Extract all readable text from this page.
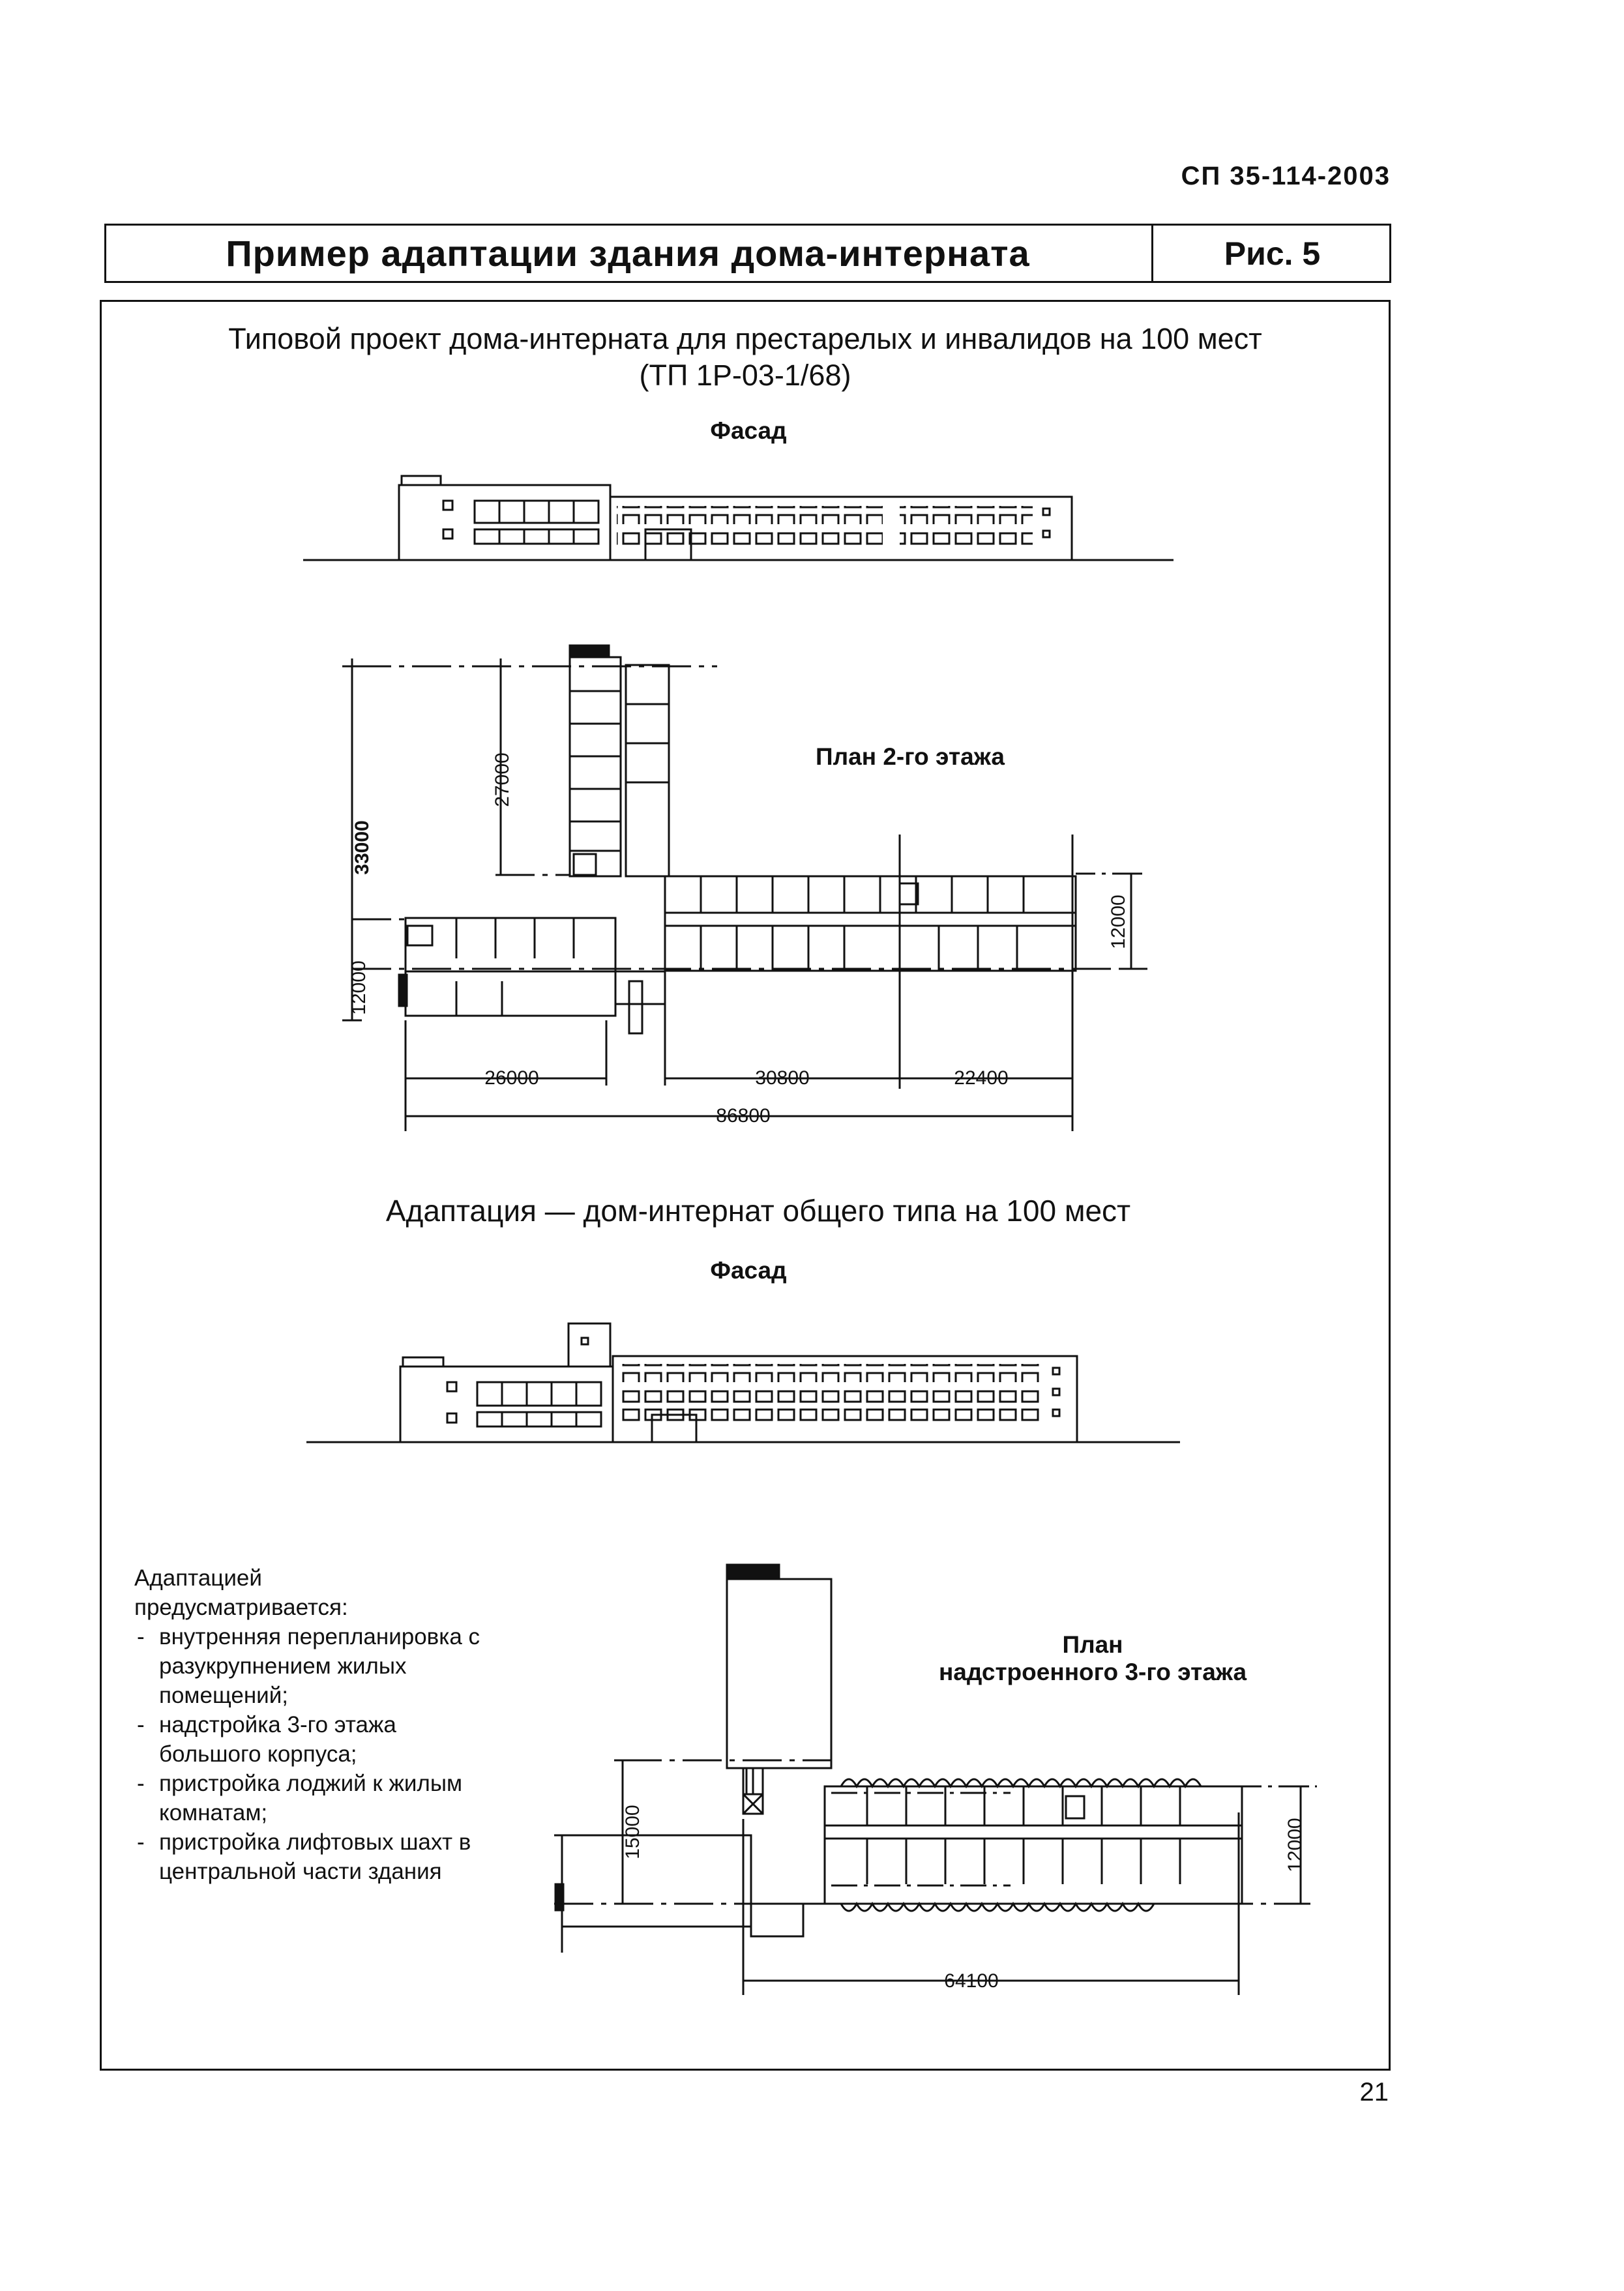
СП 35-114-2003
Пример адаптации здания дома-интерната	Рис. 5
Типовой проект дома-интерната для престарелых и инвалидов на 100 мест
(ТП 1Р-03-1/68)
Фасад
План 2-го этажа
Адаптация — дом-интернат общего типа на 100 мест
Фасад
План
надстроенного 3-го этажа
Адаптацией
предусматривается:
- внутренняя перепланировка с разукрупнением жилых помещений;
- надстройка 3-го этажа большого корпуса;
- пристройка лоджий к жилым комнатам;
- пристройка лифтовых шахт в центральной части здания
21
33000
27000
12000
12000
26000	30800	22400
86800
15000	12000
64100
